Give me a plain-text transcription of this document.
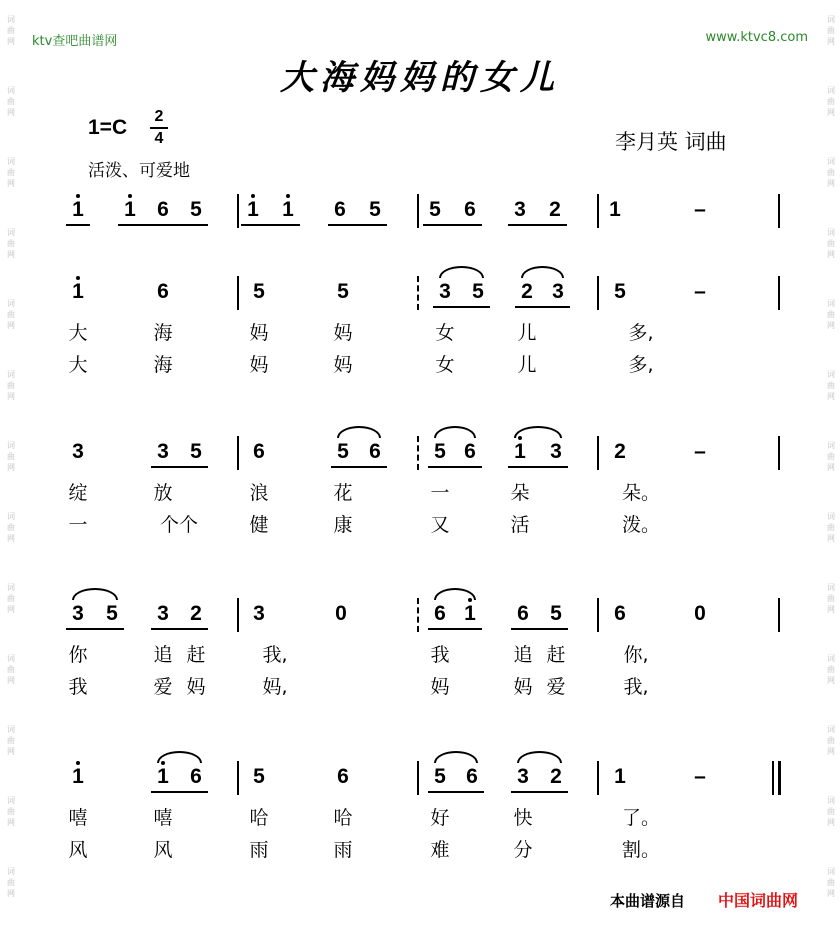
词
曲
网
词
曲
网
词
曲
网
词
曲
网
词
曲
网
词
曲
网
词
曲
网
词
曲
网
词
曲
网
词
曲
网
词
曲
网
词
曲
网
词
曲
网
词
曲
网
词
曲
网
词
曲
网
词
曲
网
词
曲
网
词
曲
网
词
曲
网
词
曲
网
词
曲
网
词
曲
网
词
曲
网
词
曲
网
词
曲
网
ktv查吧曲谱网	www.ktvc8.com
大海妈妈的女儿
1=C 2
4
活泼、可爱地
李月英 词曲
1	1	6	5	1	1	6	5	5	6	3	2	1	–
1	6	5	5	3	5	2 3	5	–
大	海	妈	妈	女	儿	多,
大	海	妈	妈	女	儿	多,
3	3	5	6	5 6	5 6	1	3	2	–
绽	放	浪	花	一	朵	朵。
一	个个	健	康	又	活	泼。
3	5	3	2	3	0	6 1	6	5	6	0
你	追 赶	我,	我	追 赶	你,
我	爱 妈	妈,	妈	妈 爱	我,
1	1	6	5	6	5 6	3	2	1	–
嘻	嘻	哈	哈	好	快	了。
风	风	雨	雨	难	分	割。
本曲谱源自 中国词曲网
